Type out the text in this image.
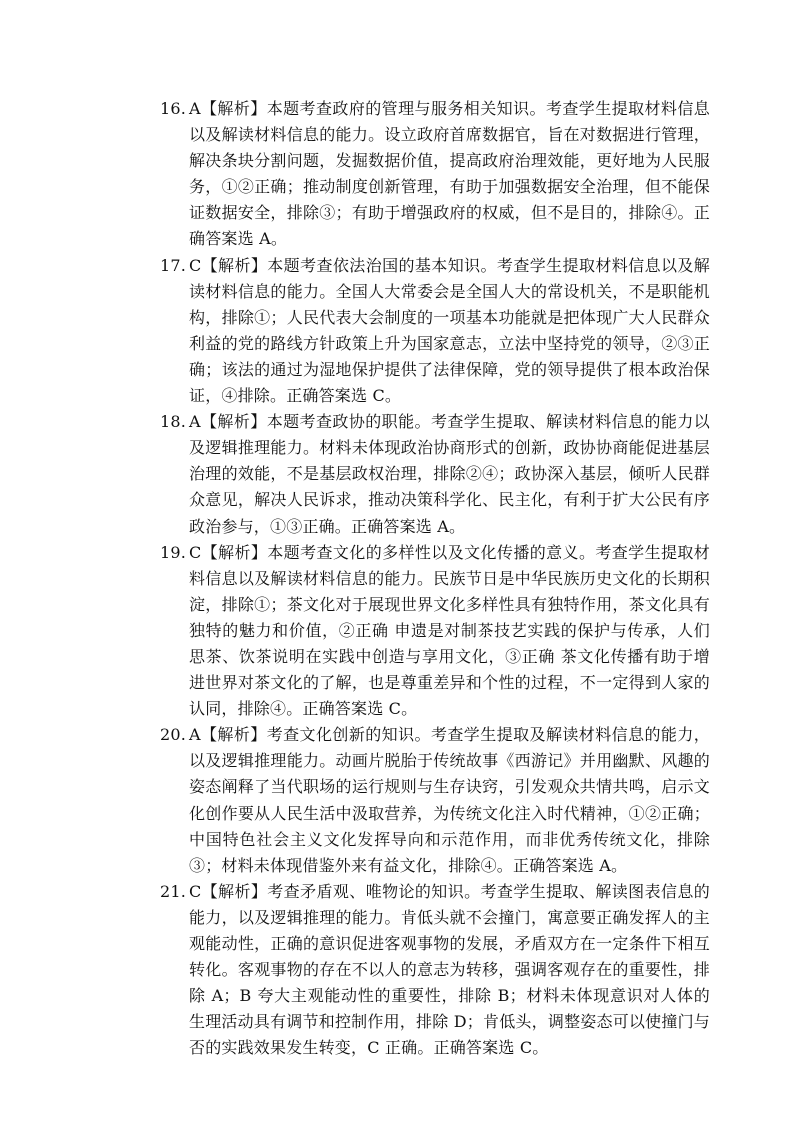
16. A【解析】本题考查政府的管理与服务相关知识。考查学生提取材料信息以及解读材料信息的能力。设立政府首席数据官，旨在对数据进行管理，解决条块分割问题，发掘数据价值，提高政府治理效能，更好地为人民服务，①②正确；推动制度创新管理，有助于加强数据安全治理，但不能保证数据安全，排除③；有助于增强政府的权威，但不是目的，排除④。正确答案选 A。
17. C【解析】本题考查依法治国的基本知识。考查学生提取材料信息以及解读材料信息的能力。全国人大常委会是全国人大的常设机关，不是职能机构，排除①；人民代表大会制度的一项基本功能就是把体现广大人民群众利益的党的路线方针政策上升为国家意志，立法中坚持党的领导，②③正确；该法的通过为湿地保护提供了法律保障，党的领导提供了根本政治保证，④排除。正确答案选 C。
18. A【解析】本题考查政协的职能。考查学生提取、解读材料信息的能力以及逻辑推理能力。材料未体现政治协商形式的创新，政协协商能促进基层治理的效能，不是基层政权治理，排除②④；政协深入基层，倾听人民群众意见，解决人民诉求，推动决策科学化、民主化，有利于扩大公民有序政治参与，①③正确。正确答案选 A。
19. C【解析】本题考查文化的多样性以及文化传播的意义。考查学生提取材料信息以及解读材料信息的能力。民族节日是中华民族历史文化的长期积淀，排除①；茶文化对于展现世界文化多样性具有独特作用，茶文化具有独特的魅力和价值，②正确 申遗是对制茶技艺实践的保护与传承，人们思茶、饮茶说明在实践中创造与享用文化，③正确 茶文化传播有助于增进世界对茶文化的了解，也是尊重差异和个性的过程，不一定得到人家的认同，排除④。正确答案选 C。
20. A【解析】考查文化创新的知识。考查学生提取及解读材料信息的能力，以及逻辑推理能力。动画片脱胎于传统故事《西游记》并用幽默、风趣的姿态阐释了当代职场的运行规则与生存诀窍，引发观众共情共鸣，启示文化创作要从人民生活中汲取营养，为传统文化注入时代精神，①②正确；中国特色社会主义文化发挥导向和示范作用，而非优秀传统文化，排除③；材料未体现借鉴外来有益文化，排除④。正确答案选 A。
21. C【解析】考查矛盾观、唯物论的知识。考查学生提取、解读图表信息的能力，以及逻辑推理的能力。肯低头就不会撞门，寓意要正确发挥人的主观能动性，正确的意识促进客观事物的发展，矛盾双方在一定条件下相互转化。客观事物的存在不以人的意志为转移，强调客观存在的重要性，排除 A；B 夸大主观能动性的重要性，排除 B；材料未体现意识对人体的生理活动具有调节和控制作用，排除 D；肯低头，调整姿态可以使撞门与否的实践效果发生转变，C 正确。正确答案选 C。
